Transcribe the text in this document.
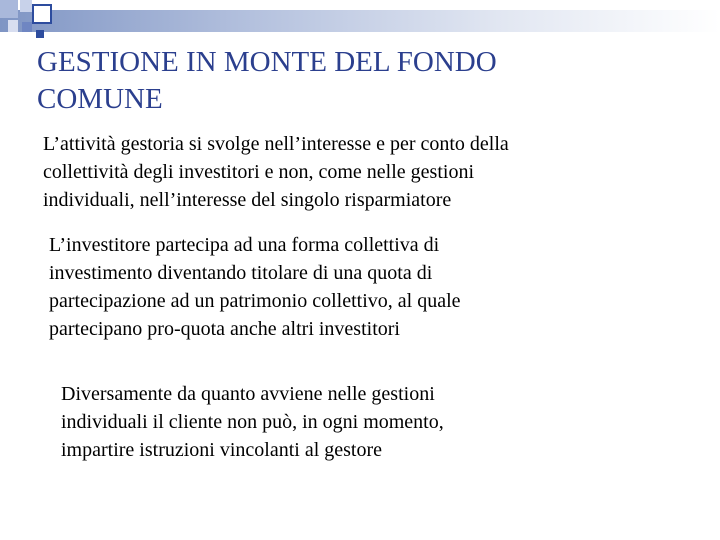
GESTIONE IN MONTE DEL FONDO
COMUNE

L’attività gestoria si svolge nell’interesse e per conto della
collettività degli investitori e non, come nelle gestioni
individuali, nell’interesse del singolo risparmiatore

L’investitore partecipa ad una forma collettiva di
investimento diventando titolare di una quota di
partecipazione ad un patrimonio collettivo, al quale
partecipano pro-quota anche altri investitori

Diversamente da quanto avviene nelle gestioni
individuali il cliente non può, in ogni momento,
impartire istruzioni vincolanti al gestore
